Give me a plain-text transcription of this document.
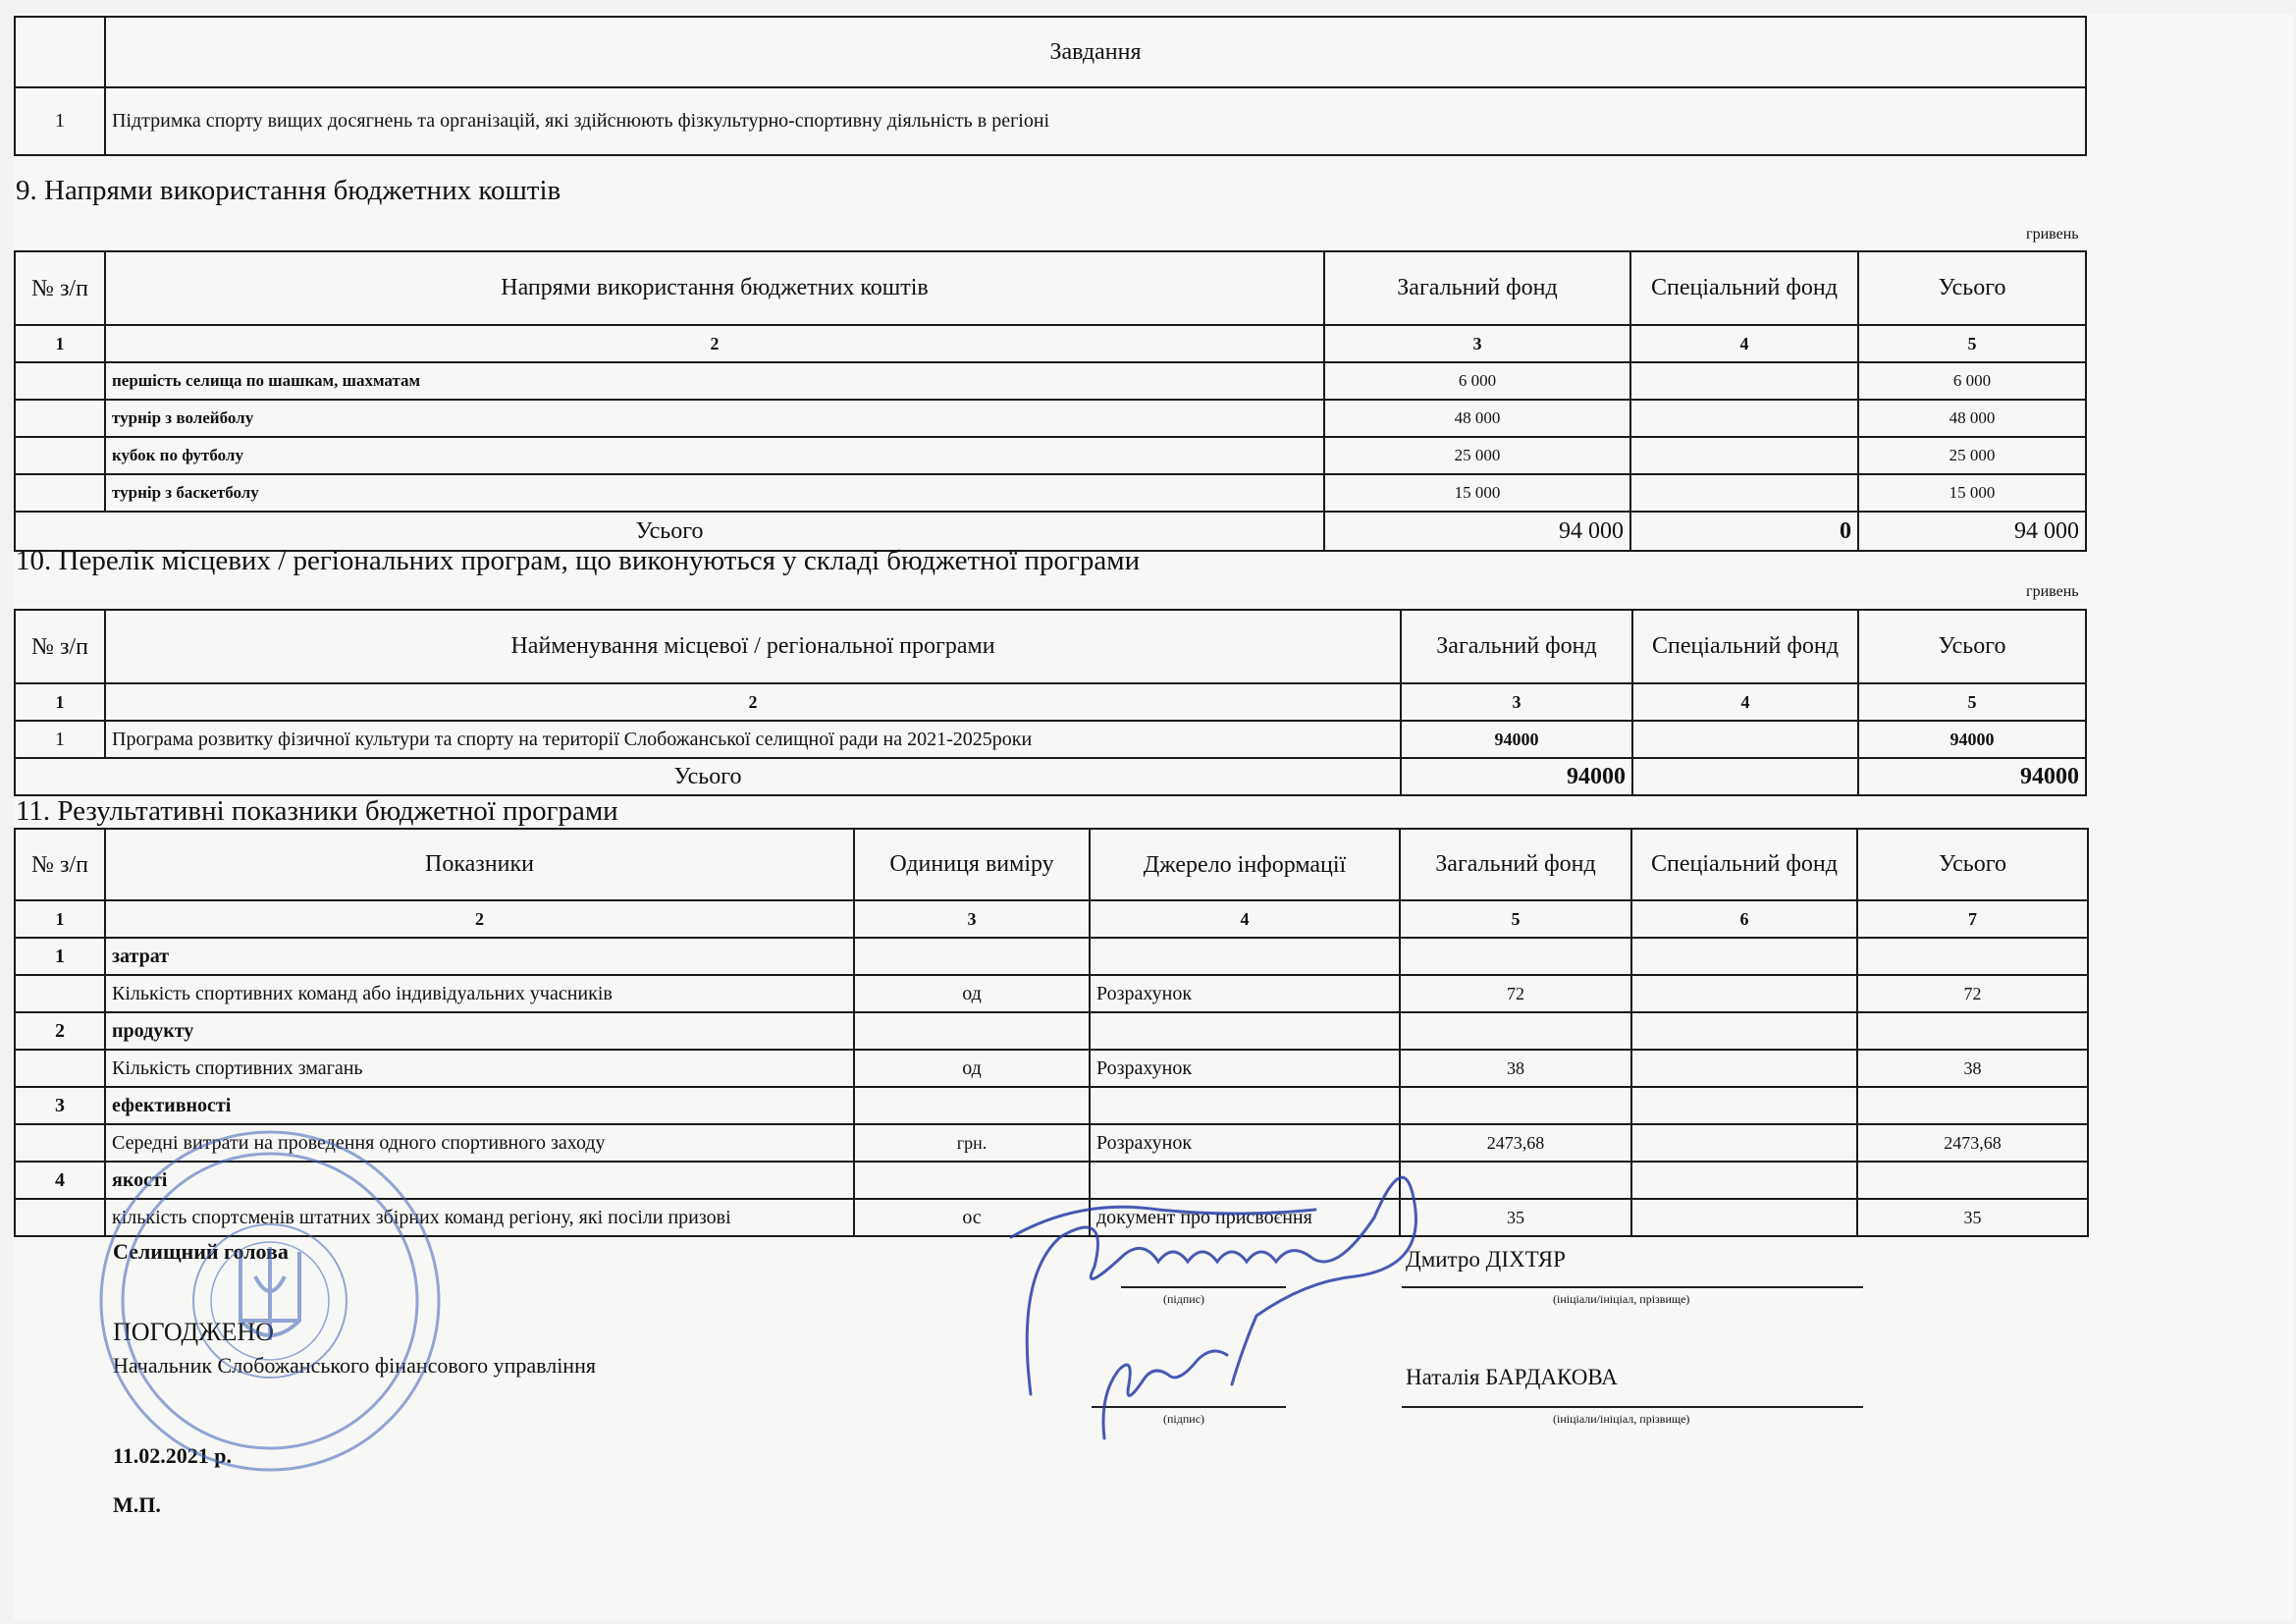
	Завдання
1	Підтримка спорту вищих досягнень та організацій, які здійснюють фізкультурно-спортивну діяльність в регіоні
9. Напрями використання бюджетних коштів
гривень
№ з/п	Напрями використання бюджетних коштів	Загальний фонд	Спеціальний фонд	Усього
1	2	3	4	5
	першість селища по шашкам, шахматам	6 000		6 000
	турнір з волейболу	48 000		48 000
	кубок по футболу	25 000		25 000
	турнір з баскетболу	15 000		15 000
Усього		94 000	0	94 000
10. Перелік місцевих / регіональних програм, що виконуються у складі бюджетної програми
гривень
№ з/п	Найменування місцевої / регіональної програми	Загальний фонд	Спеціальний фонд	Усього
1	2	3	4	5
1	Програма розвитку фізичної культури та спорту на території Слобожанської селищної ради на 2021-2025роки	94000		94000
Усього		94000		94000
11. Результативні показники бюджетної програми
№ з/п	Показники	Одиниця виміру	Джерело інформації	Загальний фонд	Спеціальний фонд	Усього
1	2	3	4	5	6	7
1	затрат					
	Кількість спортивних команд або індивідуальних учасників	од	Розрахунок	72		72
2	продукту					
	Кількість спортивних змагань	од	Розрахунок	38		38
3	ефективності					
	Середні витрати на проведення одного спортивного заходу	грн.	Розрахунок	2473,68		2473,68
4	якості					
	кількість спортсменів штатних збірних команд регіону, які посіли призові	ос	документ про присвоєння	35		35
Селищний голова
(підпис)
Дмитро ДІХТЯР
(ініціали/ініціал, прізвище)
ПОГОДЖЕНО
Начальник Слобожанського фінансового управління
(підпис)
Наталія БАРДАКОВА
(ініціали/ініціал, прізвище)
11.02.2021 р.
М.П.
